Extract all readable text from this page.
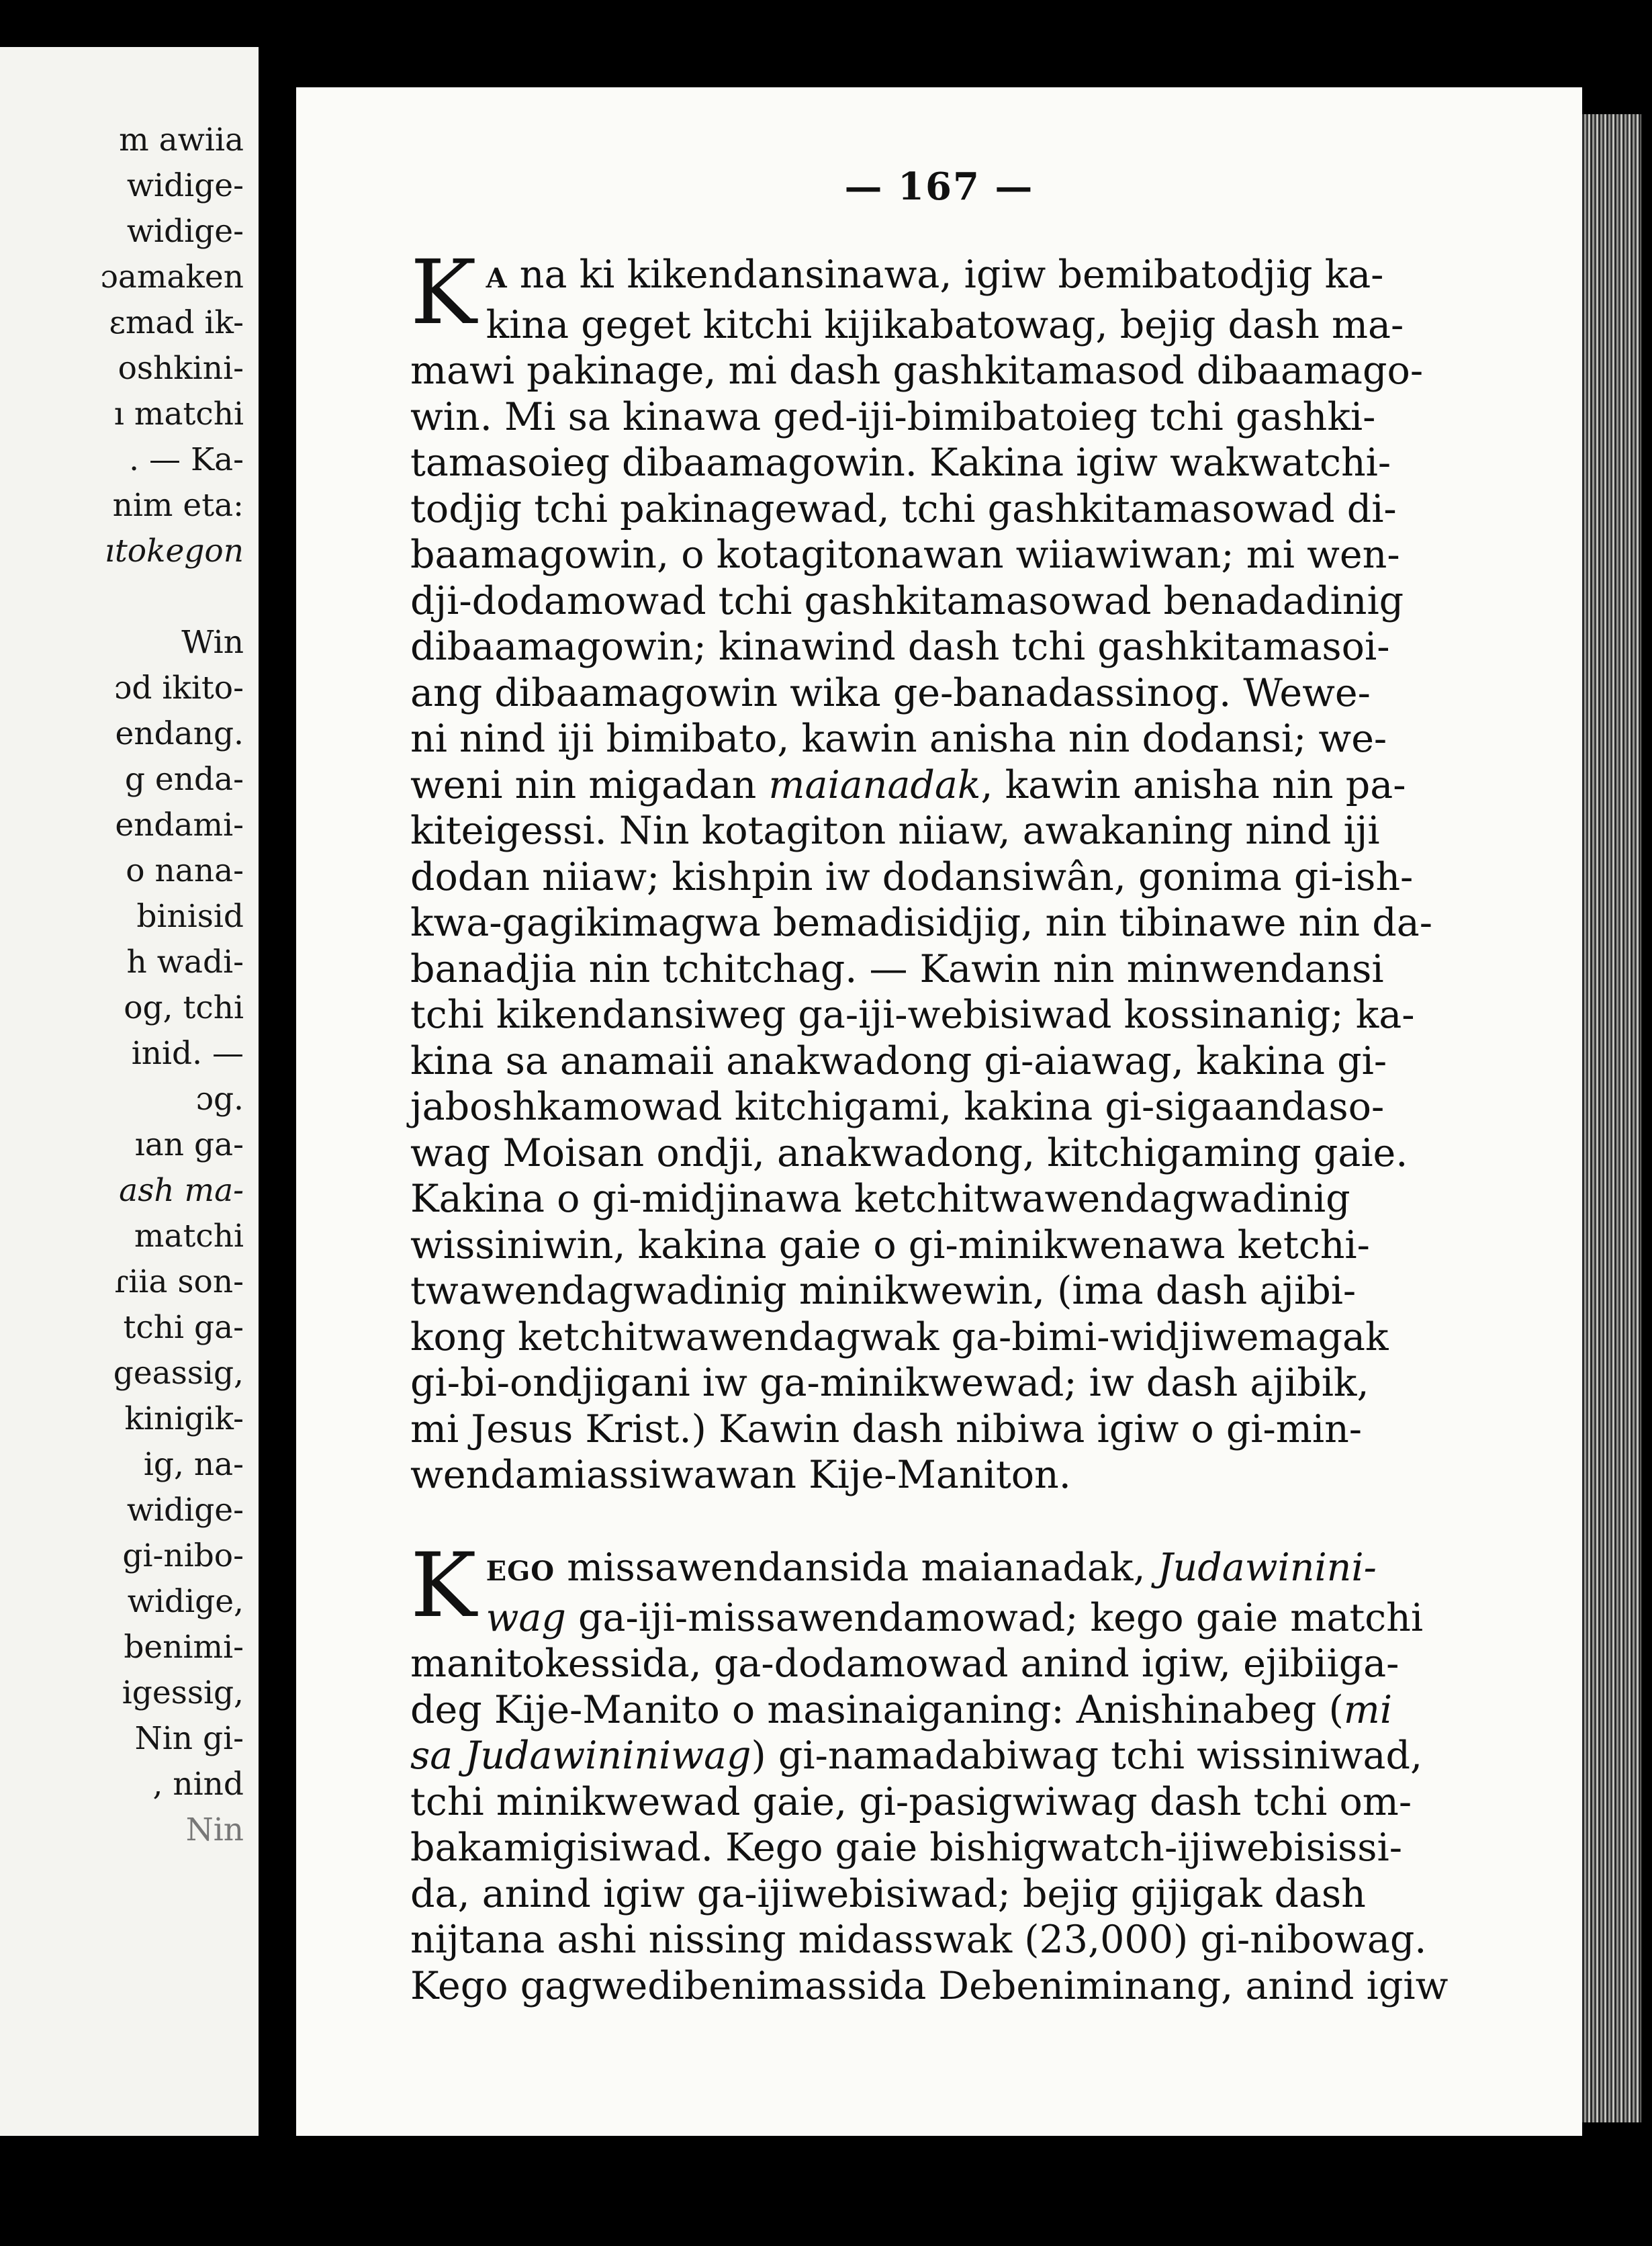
m awiia
widige-
widige-
ɔamaken
ɛmad ik-
oshkini-
ı matchi
. — Ka-
nim eta:
ıtokegon
Win
ɔd ikito-
endang.
g enda-
endami-
o nana-
binisid
h wadi-
og, tchi
inid. —
ɔg.
ıan ga-
ash ma-
matchi
ɾiia son-
tchi ga-
geassig,
kinigik-
ig, na-
widige-
gi-nibo-
widige,
benimi-
igessig,
Nin gi-
, nind
Nin
— 167 —
K A na ki kikendansinawa, igiw bemibatodjig ka-
kina geget kitchi kijikabatowag, bejig dash ma-
mawi pakinage, mi dash gashkitamasod dibaamago-
win. Mi sa kinawa ged-iji-bimibatoieg tchi gashki-
tamasoieg dibaamagowin. Kakina igiw wakwatchi-
todjig tchi pakinagewad, tchi gashkitamasowad di-
baamagowin, o kotagitonawan wiiawiwan; mi wen-
dji-dodamowad tchi gashkitamasowad benadadinig
dibaamagowin; kinawind dash tchi gashkitamasoi-
ang dibaamagowin wika ge-banadassinog. Wewe-
ni nind iji bimibato, kawin anisha nin dodansi; we-
weni nin migadan maianadak, kawin anisha nin pa-
kiteigessi. Nin kotagiton niiaw, awakaning nind iji
dodan niiaw; kishpin iw dodansiwân, gonima gi-ish-
kwa-gagikimagwa bemadisidjig, nin tibinawe nin da-
banadjia nin tchitchag. — Kawin nin minwendansi
tchi kikendansiweg ga-iji-webisiwad kossinanig; ka-
kina sa anamaii anakwadong gi-aiawag, kakina gi-
jaboshkamowad kitchigami, kakina gi-sigaandaso-
wag Moisan ondji, anakwadong, kitchigaming gaie.
Kakina o gi-midjinawa ketchitwawendagwadinig
wissiniwin, kakina gaie o gi-minikwenawa ketchi-
twawendagwadinig minikwewin, (ima dash ajibi-
kong ketchitwawendagwak ga-bimi-widjiwemagak
gi-bi-ondjigani iw ga-minikwewad; iw dash ajibik,
mi Jesus Krist.) Kawin dash nibiwa igiw o gi-min-
wendamiassiwawan Kije-Maniton.
K EGO missawendansida maianadak, Judawinini-
wag ga-iji-missawendamowad; kego gaie matchi
manitokessida, ga-dodamowad anind igiw, ejibiiga-
deg Kije-Manito o masinaiganing: Anishinabeg (mi
sa Judawininiwag) gi-namadabiwag tchi wissiniwad,
tchi minikwewad gaie, gi-pasigwiwag dash tchi om-
bakamigisiwad. Kego gaie bishigwatch-ijiwebisissi-
da, anind igiw ga-ijiwebisiwad; bejig gijigak dash
nijtana ashi nissing midasswak (23,000) gi-nibowag.
Kego gagwedibenimassida Debeniminang, anind igiw
